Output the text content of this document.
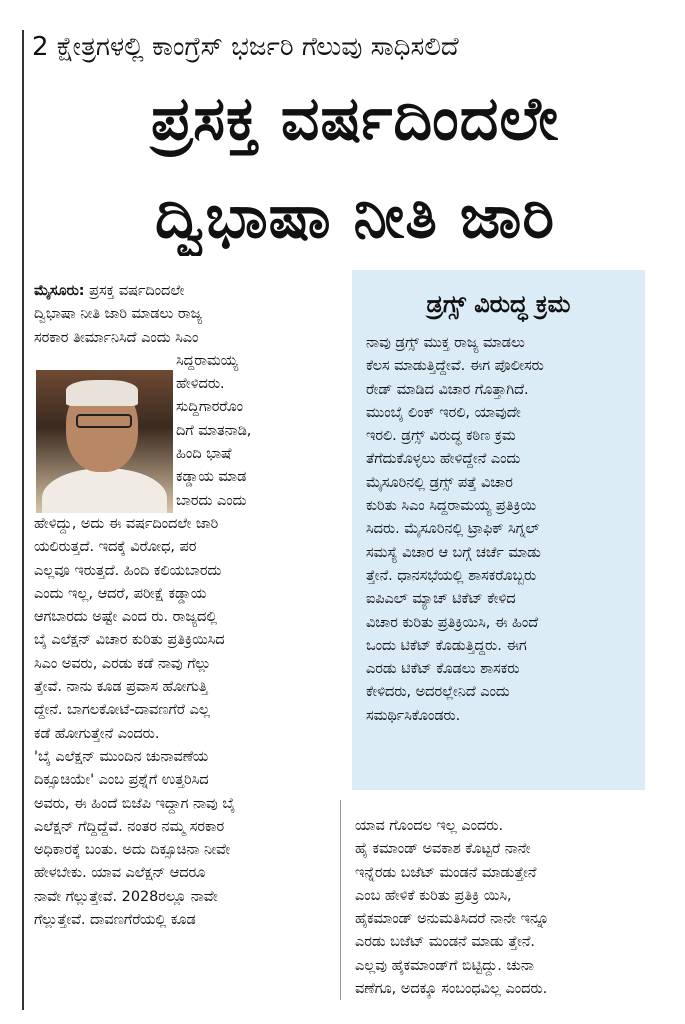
2 ಕ್ಷೇತ್ರಗಳಲ್ಲಿ ಕಾಂಗ್ರೆಸ್ ಭರ್ಜರಿ ಗೆಲುವು ಸಾಧಿಸಲಿದೆ
ಪ್ರಸಕ್ತ ವರ್ಷದಿಂದಲೇ
ದ್ವಿಭಾಷಾ ನೀತಿ ಜಾರಿ
ಮೈಸೂರು: ಪ್ರಸಕ್ತ ವರ್ಷದಿಂದಲೇ
ದ್ವಿಭಾಷಾ ನೀತಿ ಜಾರಿ ಮಾಡಲು ರಾಜ್ಯ
ಸರಕಾರ ತೀರ್ಮಾನಿಸಿದೆ ಎಂದು ಸಿಎಂ
ಸಿದ್ದರಾಮಯ್ಯ
ಹೇಳಿದರು.
ಸುದ್ದಿಗಾರರೊಂ
ದಿಗೆ ಮಾತನಾಡಿ,
ಹಿಂದಿ ಭಾಷೆ
ಕಡ್ಡಾಯ ಮಾಡ
ಬಾರದು ಎಂದು
ಹೇಳಿದ್ದು, ಅದು ಈ ವರ್ಷದಿಂದಲೇ ಜಾರಿ
ಯಲಿರುತ್ತದೆ. ಇದಕ್ಕೆ ವಿರೋಧ, ಪರ
ಎಲ್ಲವೂ ಇರುತ್ತದೆ. ಹಿಂದಿ ಕಲಿಯಬಾರದು
ಎಂದು ಇಲ್ಲ, ಆದರೆ, ಪರೀಕ್ಷೆ ಕಡ್ಡಾಯ
ಆಗಬಾರದು ಅಷ್ಟೇ ಎಂದ ರು. ರಾಜ್ಯದಲ್ಲಿ
ಬೈ ಎಲೆಕ್ಷನ್ ವಿಚಾರ ಕುರಿತು ಪ್ರತಿಕ್ರಿಯಿಸಿದ
ಸಿಎಂ ಅವರು, ಎರಡು ಕಡೆ ನಾವು ಗೆಲ್ಲು
ತ್ತೇವೆ. ನಾನು ಕೂಡ ಪ್ರವಾಸ ಹೋಗುತ್ತಿ
ದ್ದೇನೆ. ಬಾಗಲಕೋಟೆ-ದಾವಣಗೆರೆ ಎಲ್ಲ
ಕಡೆ ಹೋಗುತ್ತೇನೆ ಎಂದರು.
'ಬೈ ಎಲೆಕ್ಷನ್ ಮುಂದಿನ ಚುನಾವಣೆಯ
ದಿಕ್ಸೂಚಿಯೇ' ಎಂಬ ಪ್ರಶ್ನೆಗೆ ಉತ್ತರಿಸಿದ
ಅವರು, ಈ ಹಿಂದೆ ಬಿಜೆಪಿ ಇದ್ದಾಗ ನಾವು ಬೈ
ಎಲೆಕ್ಷನ್ ಗೆದ್ದಿದ್ದೆವೆ. ನಂತರ ನಮ್ಮ ಸರಕಾರ
ಅಧಿಕಾರಕ್ಕೆ ಬಂತು. ಅದು ದಿಕ್ಸೂಚಿನಾ ನೀವೇ
ಹೇಳಬೇಕು. ಯಾವ ಎಲೆಕ್ಷನ್ ಆದರೂ
ನಾವೇ ಗೆಲ್ಲುತ್ತೇವೆ. 2028ರಲ್ಲೂ ನಾವೇ
ಗೆಲ್ಲುತ್ತೇವೆ. ದಾವಣಗೆರೆಯಲ್ಲಿ ಕೂಡ
ಡ್ರಗ್ಸ್ ವಿರುದ್ಧ ಕ್ರಮ
ನಾವು ಡ್ರಗ್ಸ್ ಮುಕ್ತ ರಾಜ್ಯ ಮಾಡಲು
ಕೆಲಸ ಮಾಡುತ್ತಿದ್ದೇವೆ. ಈಗ ಪೊಲೀಸರು
ರೇಡ್ ಮಾಡಿದ ವಿಚಾರ ಗೊತ್ತಾಗಿದೆ.
ಮುಂಬೈ ಲಿಂಕ್ ಇರಲಿ, ಯಾವುದೇ
ಇರಲಿ. ಡ್ರಗ್ಸ್ ವಿರುದ್ಧ ಕಠಿಣ ಕ್ರಮ
ತೆಗೆದುಕೊಳ್ಳಲು ಹೇಳಿದ್ದೇನೆ ಎಂದು
ಮೈಸೂರಿನಲ್ಲಿ ಡ್ರಗ್ಸ್ ಪತ್ತೆ ವಿಚಾರ
ಕುರಿತು ಸಿಎಂ ಸಿದ್ದರಾಮಯ್ಯ ಪ್ರತಿಕ್ರಿಯಿ
ಸಿದರು. ಮೈಸೂರಿನಲ್ಲಿ ಟ್ರಾಫಿಕ್ ಸಿಗ್ನಲ್
ಸಮಸ್ಯೆ ವಿಚಾರ ಆ ಬಗ್ಗೆ ಚರ್ಚೆ ಮಾಡು
ತ್ತೇನೆ. ಧಾನಸಭೆಯಲ್ಲಿ ಶಾಸಕರೊಬ್ಬರು
ಐಪಿಎಲ್ ಮ್ಯಾಚ್ ಟಿಕೆಟ್ ಕೇಳಿದ
ವಿಚಾರ ಕುರಿತು ಪ್ರತಿಕ್ರಿಯಿಸಿ, ಈ ಹಿಂದೆ
ಒಂದು ಟಿಕೆಟ್ ಕೊಡುತ್ತಿದ್ದರು. ಈಗ
ಎರಡು ಟಿಕೆಟ್ ಕೊಡಲು ಶಾಸಕರು
ಕೇಳಿದರು, ಅದರಲ್ಲೇನಿದೆ ಎಂದು
ಸಮರ್ಥಿಸಿಕೊಂಡರು.
ಯಾವ ಗೊಂದಲ ಇಲ್ಲ ಎಂದರು.
ಹೈ ಕಮಾಂಡ್ ಅವಕಾಶ ಕೊಟ್ಟರೆ ನಾನೇ
ಇನ್ನೆರಡು ಬಜೆಟ್ ಮಂಡನೆ ಮಾಡುತ್ತೇನೆ
ಎಂಬ ಹೇಳಿಕೆ ಕುರಿತು ಪ್ರತಿಕ್ರಿ ಯಿಸಿ,
ಹೈಕಮಾಂಡ್ ಅನುಮತಿಸಿದರೆ ನಾನೇ ಇನ್ನೂ
ಎರಡು ಬಜೆಟ್ ಮಂಡನೆ ಮಾಡು ತ್ತೇನೆ.
ಎಲ್ಲವು ಹೈಕಮಾಂಡ್‌ಗೆ ಬಿಟ್ಟಿದ್ದು. ಚುನಾ
ವಣೆಗೂ, ಅದಕ್ಕೂ ಸಂಬಂಧವಿಲ್ಲ ಎಂದರು.
